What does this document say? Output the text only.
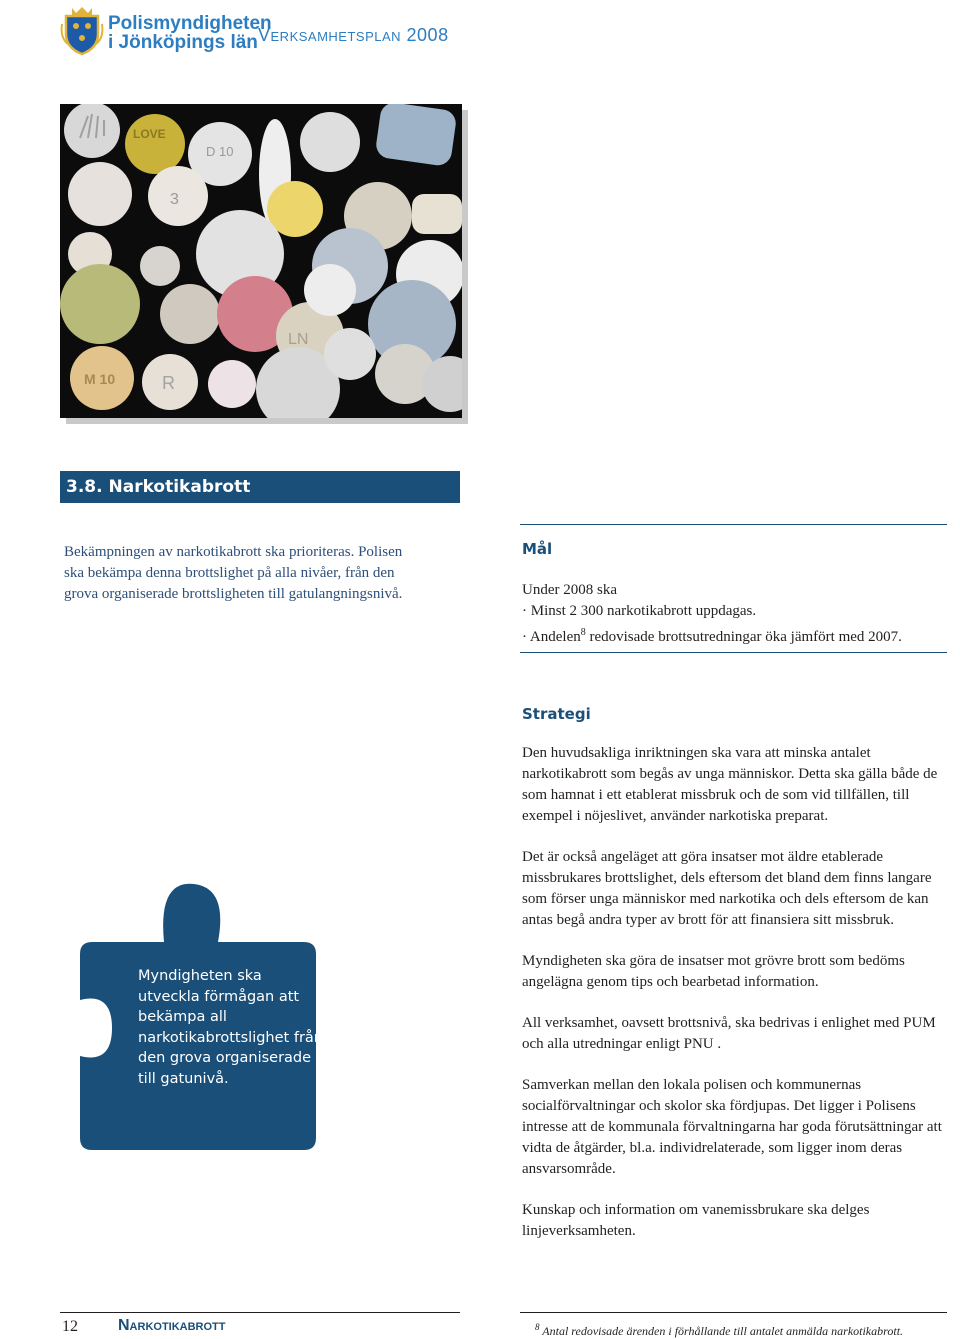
Polismyndigheten
i Jönköpings län Verksamhetsplan 2008
LOVE
D 10
3
M 10	R
LN
3.8. Narkotikabrott
Bekämpningen av narkotikabrott ska prioriteras. Polisen ska bekämpa denna brottslighet på alla nivåer, från den grova organiserade brottsligheten till gatulangningsnivå.
Mål
Under 2008 ska
· Minst 2 300 narkotikabrott uppdagas.
· Andelen$^8$ redovisade brottsutredningar öka jämfört med 2007.
Strategi

Den huvudsakliga inriktningen ska vara att minska antalet narkotikabrott som begås av unga människor. Detta ska gälla både de som hamnat i ett etablerat missbruk och de som vid tillfällen, till exempel i nöjeslivet, använder narkotiska preparat.

Det är också angeläget att göra insatser mot äldre etablerade missbrukares brottslighet, dels eftersom det bland dem finns langare som förser unga människor med narkotika och dels eftersom de kan antas begå andra typer av brott för att finansiera sitt missbruk.

Myndigheten ska göra de insatser mot grövre brott som bedöms angelägna genom tips och bearbetad information.

All verksamhet, oavsett brottsnivå, ska bedrivas i enlighet med PUM och alla utredningar enligt PNU .

Samverkan mellan den lokala polisen och kommunernas socialförvaltningar och skolor ska fördjupas. Det ligger i Polisens intresse att de kommunala förvaltningarna har goda förutsättningar att vidta de åtgärder, bl.a. individrelaterade, som ligger inom deras ansvarsområde.

Kunskap och information om vanemissbrukare ska delges linjeverksamheten.

Myndigheten ska utveckla förmågan att bekämpa all narkotikabrottslighet från den grova organiserade till gatunivå.
12	Narkotikabrott	$^8$ Antal redovisade ärenden i förhållande till antalet anmälda narkotikabrott.
